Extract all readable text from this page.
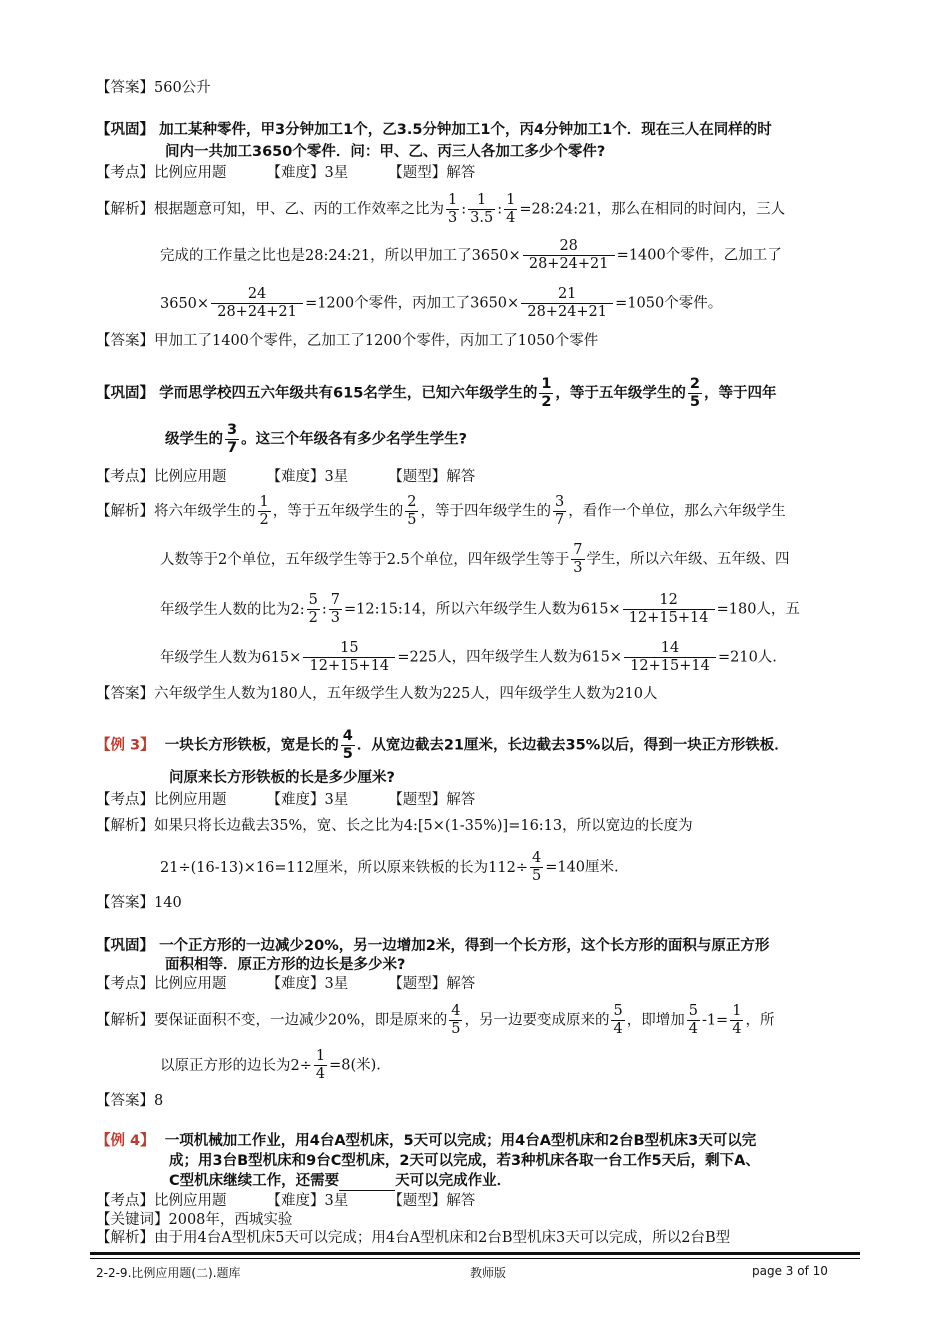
【答案】560公升
【巩固】 加工某种零件，甲3分钟加工1个，乙3.5分钟加工1个，丙4分钟加工1个．现在三人在同样的时
间内一共加工3650个零件．问：甲、乙、丙三人各加工多少个零件?
【考点】比例应用题	【难度】3星	【题型】解答
【解析】根据题意可知，甲、乙、丙的工作效率之比为 $\frac{1}{3}$ : $\frac{1}{3.5}$ : $\frac{1}{4}$ =28:24:21，那么在相同的时间内，三人
完成的工作量之比也是28:24:21，所以甲加工了$3650\times \frac{28}{28+24+21} =1400$个零件，乙加工了
$3650\times \frac{24}{28+24+21} =1200$个零件，丙加工了$3650\times \frac{21}{28+24+21} =1050$个零件。
【答案】甲加工了1400个零件，乙加工了1200个零件，丙加工了1050个零件
【巩固】 学而思学校四五六年级共有615名学生，已知六年级学生的 $\frac{1}{2}$ ，等于五年级学生的 $\frac{2}{5}$ ，等于四年
级学生的 $\frac{3}{7}$ 。这三个年级各有多少名学生学生?
【考点】比例应用题	【难度】3星	【题型】解答
【解析】将六年级学生的 $\frac{1}{2}$ ，等于五年级学生的 $\frac{2}{5}$ ，等于四年级学生的 $\frac{3}{7}$ ，看作一个单位，那么六年级学生
人数等于2个单位，五年级学生等于2.5个单位，四年级学生等于 $\frac{7}{3}$ 学生，所以六年级、五年级、四
年级学生人数的比为2: $\frac{5}{2}$ : $\frac{7}{3}$ =12:15:14，所以六年级学生人数为$615\times \frac{12}{12+15+14} =180$人，五
年级学生人数为$615\times \frac{15}{12+15+14} =225$人，四年级学生人数为$615\times \frac{14}{12+15+14} =210$人.
【答案】六年级学生人数为180人，五年级学生人数为225人，四年级学生人数为210人
【例 3】 一块长方形铁板，宽是长的 $\frac{4}{5}$ ．从宽边截去21厘米，长边截去35%以后，得到一块正方形铁板．
问原来长方形铁板的长是多少厘米?
【考点】比例应用题	【难度】3星	【题型】解答
【解析】如果只将长边截去35%，宽、长之比为4:[5×(1-35%)]=16:13，所以宽边的长度为
21÷(16-13)×16=112厘米，所以原来铁板的长为$112\div \frac{4}{5} =140$厘米.
【答案】140
【巩固】 一个正方形的一边减少20%，另一边增加2米，得到一个长方形，这个长方形的面积与原正方形
面积相等．原正方形的边长是多少米?
【考点】比例应用题	【难度】3星	【题型】解答
【解析】要保证面积不变，一边减少20%，即是原来的 $\frac{4}{5}$ ，另一边要变成原来的 $\frac{5}{4}$ ，即增加 $\frac{5}{4} -1= \frac{1}{4}$ ，所
以原正方形的边长为$2\div \frac{1}{4} =8$(米).
【答案】8
【例 4】 一项机械加工作业，用4台A型机床，5天可以完成；用4台A型机床和2台B型机床3天可以完
成；用3台B型机床和9台C型机床，2天可以完成，若3种机床各取一台工作5天后，剩下A、
C型机床继续工作，还需要	天可以完成作业．
【考点】比例应用题	【难度】3星	【题型】解答
【关键词】2008年，西城实验
【解析】由于用4台A型机床5天可以完成；用4台A型机床和2台B型机床3天可以完成，所以2台B型
2-2-9.比例应用题(二).题库	教师版	page 3 of 10
